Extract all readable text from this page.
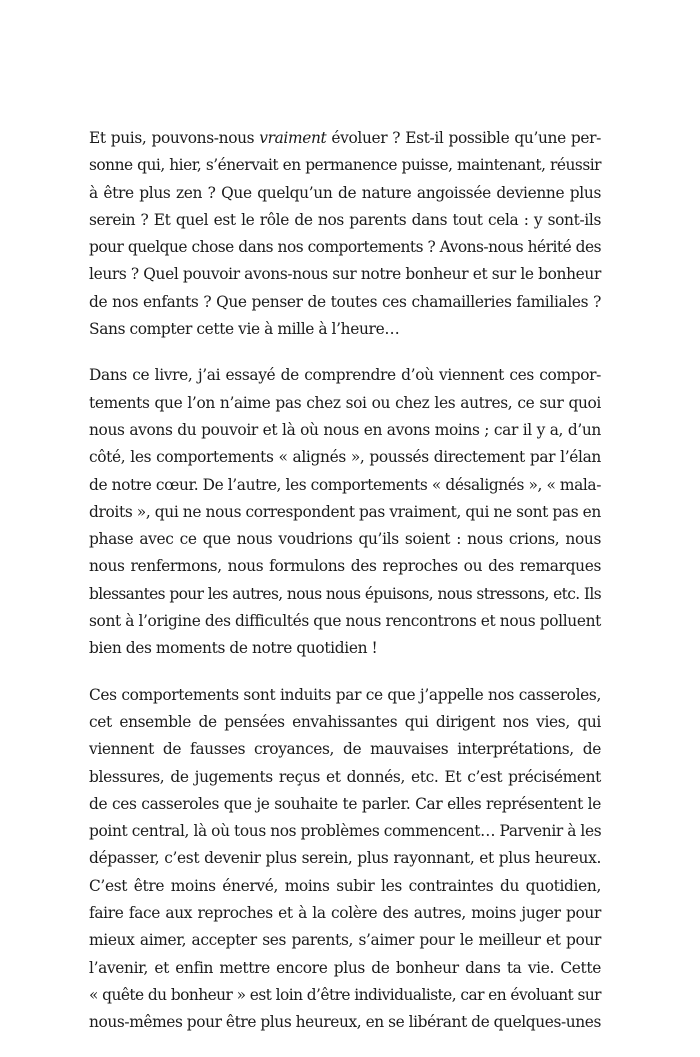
Et puis, pouvons-nous vraiment évoluer ? Est-il possible qu’une per-
sonne qui, hier, s’énervait en permanence puisse, maintenant, réussir
à être plus zen ? Que quelqu’un de nature angoissée devienne plus
serein ? Et quel est le rôle de nos parents dans tout cela : y sont-ils
pour quelque chose dans nos comportements ? Avons-nous hérité des
leurs ? Quel pouvoir avons-nous sur notre bonheur et sur le bonheur
de nos enfants ? Que penser de toutes ces chamailleries familiales ?
Sans compter cette vie à mille à l’heure…
Dans ce livre, j’ai essayé de comprendre d’où viennent ces compor-
tements que l’on n’aime pas chez soi ou chez les autres, ce sur quoi
nous avons du pouvoir et là où nous en avons moins ; car il y a, d’un
côté, les comportements « alignés », poussés directement par l’élan
de notre cœur. De l’autre, les comportements « désalignés », « mala-
droits », qui ne nous correspondent pas vraiment, qui ne sont pas en
phase avec ce que nous voudrions qu’ils soient : nous crions, nous
nous renfermons, nous formulons des reproches ou des remarques
blessantes pour les autres, nous nous épuisons, nous stressons, etc. Ils
sont à l’origine des difficultés que nous rencontrons et nous polluent
bien des moments de notre quotidien !
Ces comportements sont induits par ce que j’appelle nos casseroles,
cet ensemble de pensées envahissantes qui dirigent nos vies, qui
viennent de fausses croyances, de mauvaises interprétations, de
blessures, de jugements reçus et donnés, etc. Et c’est précisément
de ces casseroles que je souhaite te parler. Car elles représentent le
point central, là où tous nos problèmes commencent… Parvenir à les
dépasser, c’est devenir plus serein, plus rayonnant, et plus heureux.
C’est être moins énervé, moins subir les contraintes du quotidien,
faire face aux reproches et à la colère des autres, moins juger pour
mieux aimer, accepter ses parents, s’aimer pour le meilleur et pour
l’avenir, et enfin mettre encore plus de bonheur dans ta vie. Cette
« quête du bonheur » est loin d’être individualiste, car en évoluant sur
nous-mêmes pour être plus heureux, en se libérant de quelques-unes
